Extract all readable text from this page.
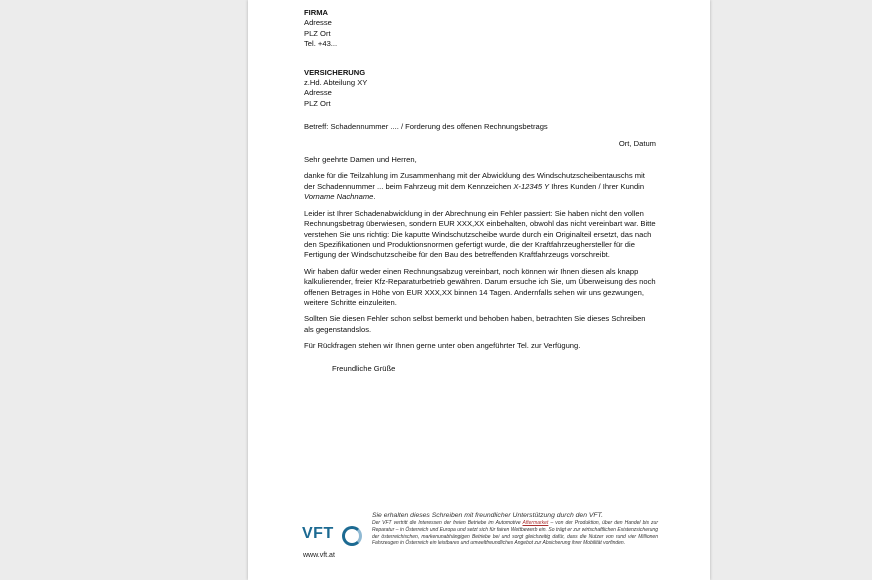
FIRMA
Adresse
PLZ Ort
Tel. +43...
VERSICHERUNG
z.Hd. Abteilung XY
Adresse
PLZ Ort
Betreff: Schadennummer .... / Forderung des offenen Rechnungsbetrags
Ort, Datum

Sehr geehrte Damen und Herren,

danke für die Teilzahlung im Zusammenhang mit der Abwicklung des Windschutzscheibentauschs mit der Schadennummer ... beim Fahrzeug mit dem Kennzeichen X-12345 Y Ihres Kunden / Ihrer Kundin Vorname Nachname.

Leider ist Ihrer Schadenabwicklung in der Abrechnung ein Fehler passiert: Sie haben nicht den vollen Rechnungsbetrag überwiesen, sondern EUR XXX,XX einbehalten, obwohl das nicht vereinbart war. Bitte verstehen Sie uns richtig: Die kaputte Windschutzscheibe wurde durch ein Originalteil ersetzt, das nach den Spezifikationen und Produktionsnormen gefertigt wurde, die der Kraftfahrzeughersteller für die Fertigung der Windschutzscheibe für den Bau des betreffenden Kraftfahrzeugs vorschreibt.

Wir haben dafür weder einen Rechnungsabzug vereinbart, noch können wir Ihnen diesen als knapp kalkulierender, freier Kfz-Reparaturbetrieb gewähren. Darum ersuche ich Sie, um Überweisung des noch offenen Betrages in Höhe von EUR XXX,XX binnen 14 Tagen. Andernfalls sehen wir uns gezwungen, weitere Schritte einzuleiten.

Sollten Sie diesen Fehler schon selbst bemerkt und behoben haben, betrachten Sie dieses Schreiben als gegenstandslos.

Für Rückfragen stehen wir Ihnen gerne unter oben angeführter Tel. zur Verfügung.

Freundliche Grüße
VFT
www.vft.at
Sie erhalten dieses Schreiben mit freundlicher Unterstützung durch den VFT.
Der VFT vertritt die Interessen der freien Betriebe im Automotive Aftermarket – von der Produktion, über den Handel bis zur Reparatur – in Österreich und Europa und setzt sich für fairen Wettbewerb ein. So trägt er zur wirtschaftlichen Existenzsicherung der österreichischen, markenunabhängigen Betriebe bei und sorgt gleichzeitig dafür, dass die Nutzer von rund vier Millionen Fahrzeugen in Österreich ein leistbares und umweltfreundliches Angebot zur Absicherung ihrer Mobilität vorfinden.
